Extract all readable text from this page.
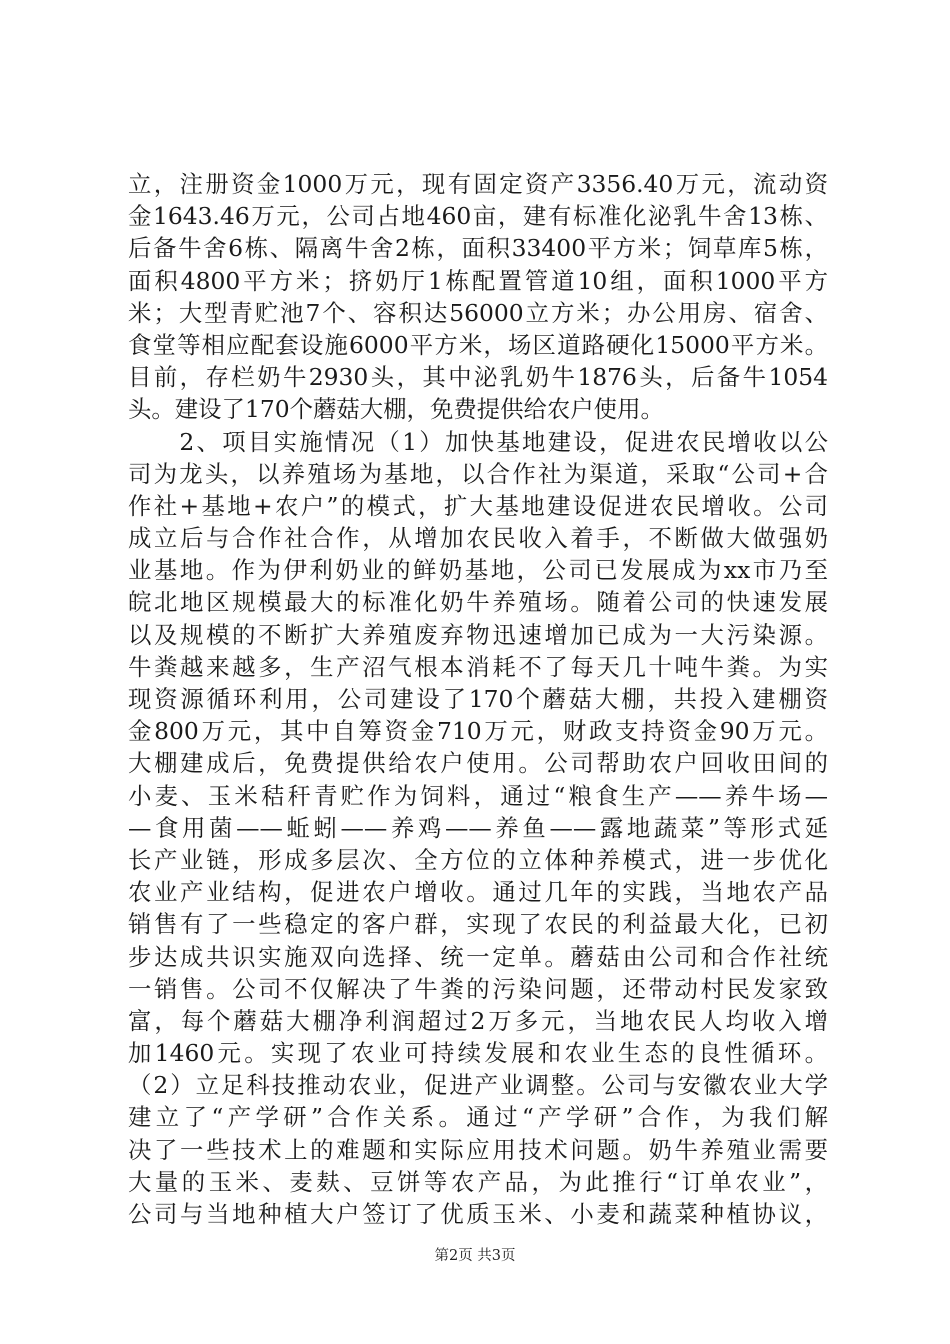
立，注册资金1000万元，现有固定资产3356.40万元，流动资
金1643.46万元，公司占地460亩，建有标准化泌乳牛舍13栋、
后备牛舍6栋、隔离牛舍2栋，面积33400平方米；饲草库5栋，
面积4800平方米；挤奶厅1栋配置管道10组，面积1000平方
米；大型青贮池7个、容积达56000立方米；办公用房、宿舍、
食堂等相应配套设施6000平方米，场区道路硬化15000平方米。
目前，存栏奶牛2930头，其中泌乳奶牛1876头，后备牛1054
头。建设了170个蘑菇大棚，免费提供给农户使用。
　　2、项目实施情况（1）加快基地建设，促进农民增收以公
司为龙头，以养殖场为基地，以合作社为渠道，采取“公司+合
作社+基地+农户”的模式，扩大基地建设促进农民增收。公司
成立后与合作社合作，从增加农民收入着手，不断做大做强奶
业基地。作为伊利奶业的鲜奶基地，公司已发展成为xx市乃至
皖北地区规模最大的标准化奶牛养殖场。随着公司的快速发展
以及规模的不断扩大养殖废弃物迅速增加已成为一大污染源。
牛粪越来越多，生产沼气根本消耗不了每天几十吨牛粪。为实
现资源循环利用，公司建设了170个蘑菇大棚，共投入建棚资
金800万元，其中自筹资金710万元，财政支持资金90万元。
大棚建成后，免费提供给农户使用。公司帮助农户回收田间的
小麦、玉米秸秆青贮作为饲料，通过“粮食生产——养牛场—
—食用菌——蚯蚓——养鸡——养鱼——露地蔬菜”等形式延
长产业链，形成多层次、全方位的立体种养模式，进一步优化
农业产业结构，促进农户增收。通过几年的实践，当地农产品
销售有了一些稳定的客户群，实现了农民的利益最大化，已初
步达成共识实施双向选择、统一定单。蘑菇由公司和合作社统
一销售。公司不仅解决了牛粪的污染问题，还带动村民发家致
富，每个蘑菇大棚净利润超过2万多元，当地农民人均收入增
加1460元。实现了农业可持续发展和农业生态的良性循环。
（2）立足科技推动农业，促进产业调整。公司与安徽农业大学
建立了“产学研”合作关系。通过“产学研”合作，为我们解
决了一些技术上的难题和实际应用技术问题。奶牛养殖业需要
大量的玉米、麦麸、豆饼等农产品，为此推行“订单农业”，
公司与当地种植大户签订了优质玉米、小麦和蔬菜种植协议，
第2页 共3页
